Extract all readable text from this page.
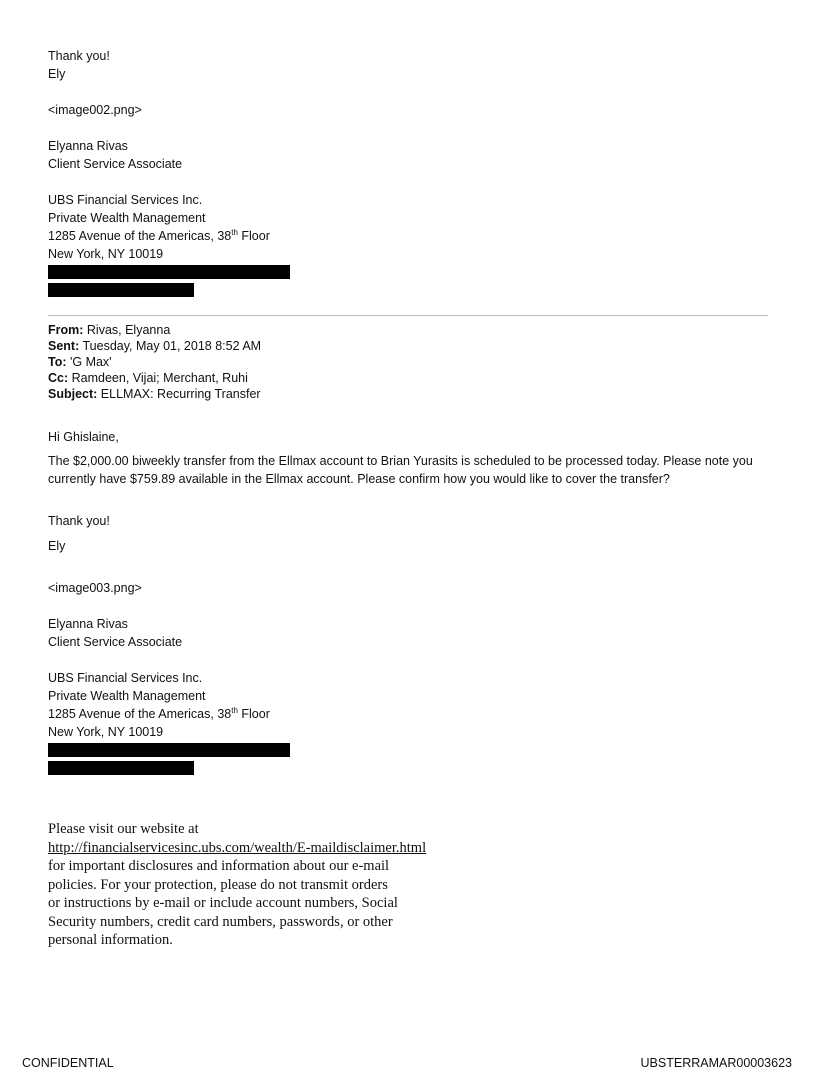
Thank you!
Ely
<image002.png>
Elyanna Rivas
Client Service Associate
UBS Financial Services Inc.
Private Wealth Management
1285 Avenue of the Americas, 38th Floor
New York, NY 10019
From: Rivas, Elyanna
Sent: Tuesday, May 01, 2018 8:52 AM
To: 'G Max'
Cc: Ramdeen, Vijai; Merchant, Ruhi
Subject: ELLMAX: Recurring Transfer
Hi Ghislaine,
The $2,000.00 biweekly transfer from the Ellmax account to Brian Yurasits is scheduled to be processed today. Please note you currently have $759.89 available in the Ellmax account. Please confirm how you would like to cover the transfer?
Thank you!
Ely
<image003.png>
Elyanna Rivas
Client Service Associate
UBS Financial Services Inc.
Private Wealth Management
1285 Avenue of the Americas, 38th Floor
New York, NY 10019
Please visit our website at
http://financialservicesinc.ubs.com/wealth/E-maildisclaimer.html
for important disclosures and information about our e-mail
policies. For your protection, please do not transmit orders
or instructions by e-mail or include account numbers, Social
Security numbers, credit card numbers, passwords, or other
personal information.
CONFIDENTIAL	UBSTERRAMAR00003623
